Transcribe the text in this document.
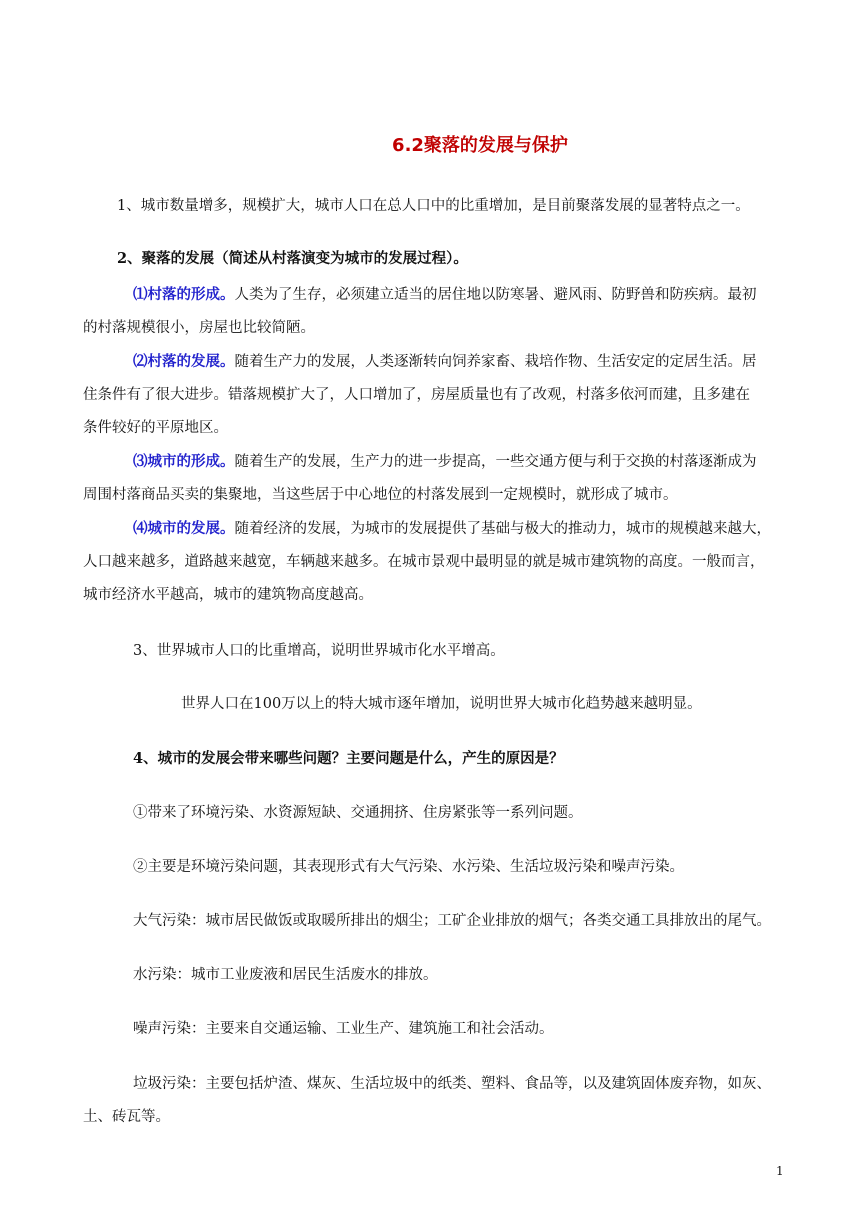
6.2聚落的发展与保护

1、城市数量增多，规模扩大，城市人口在总人口中的比重增加，是目前聚落发展的显著特点之一。

2、聚落的发展（简述从村落演变为城市的发展过程）。

⑴村落的形成。人类为了生存，必须建立适当的居住地以防寒暑、避风雨、防野兽和防疾病。最初

的村落规模很小，房屋也比较简陋。

⑵村落的发展。随着生产力的发展，人类逐渐转向饲养家畜、栽培作物、生活安定的定居生活。居

住条件有了很大进步。错落规模扩大了，人口增加了，房屋质量也有了改观，村落多依河而建，且多建在

条件较好的平原地区。

⑶城市的形成。随着生产的发展，生产力的进一步提高，一些交通方便与利于交换的村落逐渐成为

周围村落商品买卖的集聚地，当这些居于中心地位的村落发展到一定规模时，就形成了城市。

⑷城市的发展。随着经济的发展，为城市的发展提供了基础与极大的推动力，城市的规模越来越大，

人口越来越多，道路越来越宽，车辆越来越多。在城市景观中最明显的就是城市建筑物的高度。一般而言，

城市经济水平越高，城市的建筑物高度越高。

3、世界城市人口的比重增高，说明世界城市化水平增高。

世界人口在100万以上的特大城市逐年增加，说明世界大城市化趋势越来越明显。

4、城市的发展会带来哪些问题？主要问题是什么，产生的原因是？

①带来了环境污染、水资源短缺、交通拥挤、住房紧张等一系列问题。

②主要是环境污染问题，其表现形式有大气污染、水污染、生活垃圾污染和噪声污染。

大气污染：城市居民做饭或取暖所排出的烟尘；工矿企业排放的烟气；各类交通工具排放出的尾气。

水污染：城市工业废液和居民生活废水的排放。

噪声污染：主要来自交通运输、工业生产、建筑施工和社会活动。

垃圾污染：主要包括炉渣、煤灰、生活垃圾中的纸类、塑料、食品等，以及建筑固体废弃物，如灰、

土、砖瓦等。

1
